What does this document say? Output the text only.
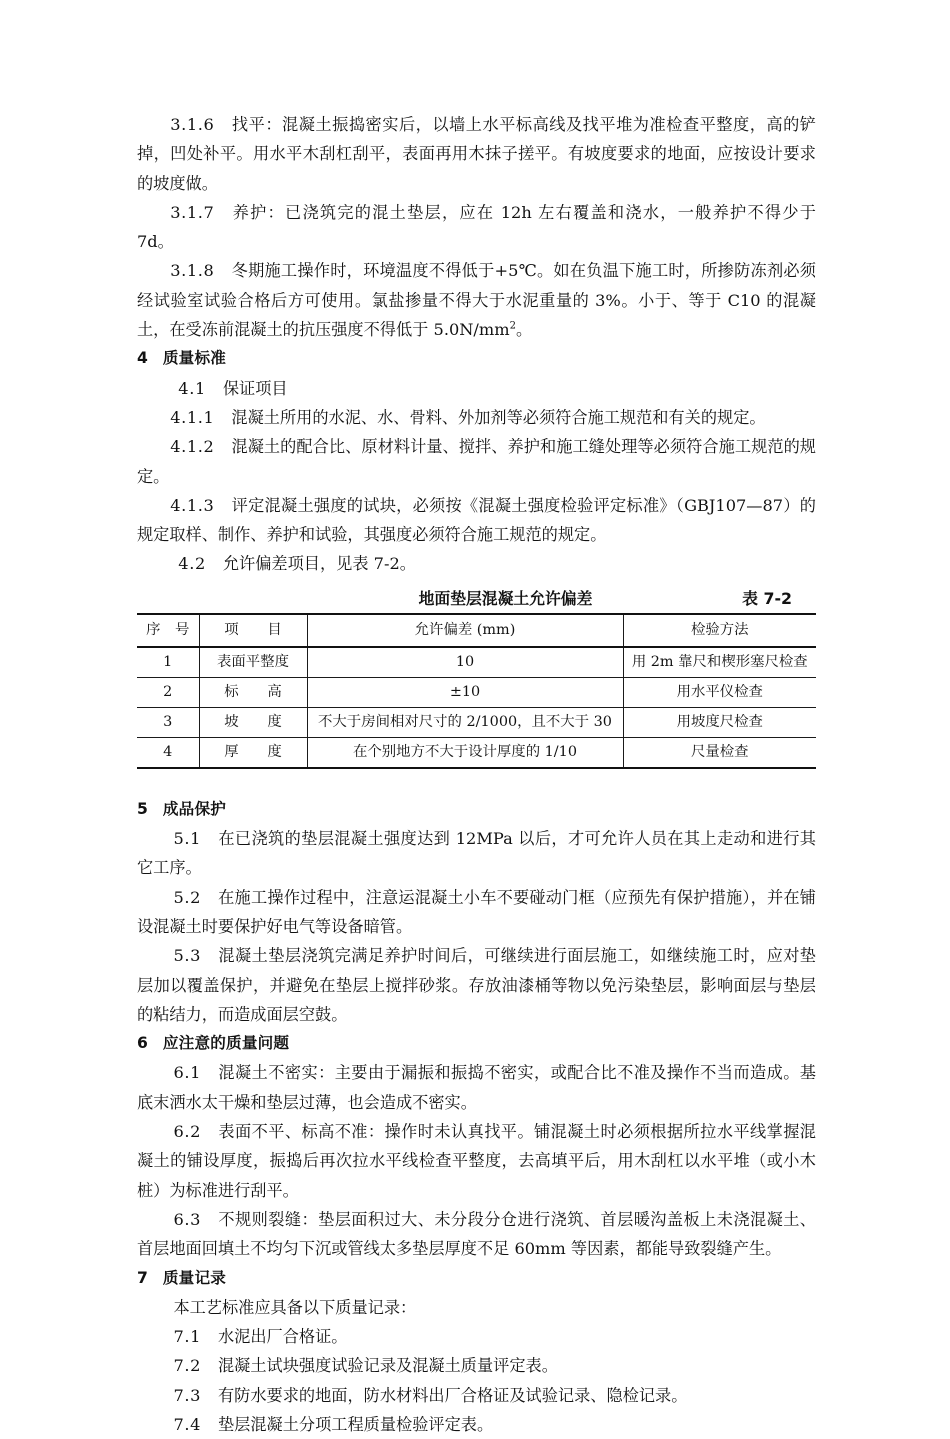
3.1.6 找平：混凝土振捣密实后，以墙上水平标高线及找平堆为准检查平整度，高的铲掉，凹处补平。用水平木刮杠刮平，表面再用木抹子搓平。有坡度要求的地面，应按设计要求的坡度做。

3.1.7 养护：已浇筑完的混土垫层，应在 12h 左右覆盖和浇水，一般养护不得少于 7d。

3.1.8 冬期施工操作时，环境温度不得低于+5℃。如在负温下施工时，所掺防冻剂必须经试验室试验合格后方可使用。氯盐掺量不得大于水泥重量的 3%。小于、等于 C10 的混凝土，在受冻前混凝土的抗压强度不得低于 $5.0N/mm^2$。

4 质量标准

4.1 保证项目

4.1.1 混凝土所用的水泥、水、骨料、外加剂等必须符合施工规范和有关的规定。

4.1.2 混凝土的配合比、原材料计量、搅拌、养护和施工缝处理等必须符合施工规范的规定。

4.1.3 评定混凝土强度的试块，必须按《混凝土强度检验评定标准》（GBJ107—87）的规定取样、制作、养护和试验，其强度必须符合施工规范的规定。

4.2 允许偏差项目，见表 7-2。

地面垫层混凝土允许偏差	表 7-2
序　号	项　　目	允许偏差 (mm)	检验方法
1	表面平整度	10	用 2m 靠尺和楔形塞尺检查
2	标　　高	±10	用水平仪检查
3	坡　　度	不大于房间相对尺寸的 2/1000，且不大于 30	用坡度尺检查
4	厚　　度	在个别地方不大于设计厚度的 1/10	尺量检查

5 成品保护

5.1 在已浇筑的垫层混凝土强度达到 12MPa 以后，才可允许人员在其上走动和进行其它工序。

5.2 在施工操作过程中，注意运混凝土小车不要碰动门框（应预先有保护措施），并在铺设混凝土时要保护好电气等设备暗管。

5.3 混凝土垫层浇筑完满足养护时间后，可继续进行面层施工，如继续施工时，应对垫层加以覆盖保护，并避免在垫层上搅拌砂浆。存放油漆桶等物以免污染垫层，影响面层与垫层的粘结力，而造成面层空鼓。

6 应注意的质量问题

6.1 混凝土不密实：主要由于漏振和振捣不密实，或配合比不准及操作不当而造成。基底末洒水太干燥和垫层过薄，也会造成不密实。

6.2 表面不平、标高不准：操作时未认真找平。铺混凝土时必须根据所拉水平线掌握混凝土的铺设厚度，振捣后再次拉水平线检查平整度，去高填平后，用木刮杠以水平堆（或小木桩）为标准进行刮平。

6.3 不规则裂缝：垫层面积过大、未分段分仓进行浇筑、首层暖沟盖板上未浇混凝土、首层地面回填土不均匀下沉或管线太多垫层厚度不足 60mm 等因素，都能导致裂缝产生。

7 质量记录

本工艺标准应具备以下质量记录：

7.1 水泥出厂合格证。

7.2 混凝土试块强度试验记录及混凝土质量评定表。

7.3 有防水要求的地面，防水材料出厂合格证及试验记录、隐检记录。

7.4 垫层混凝土分项工程质量检验评定表。
